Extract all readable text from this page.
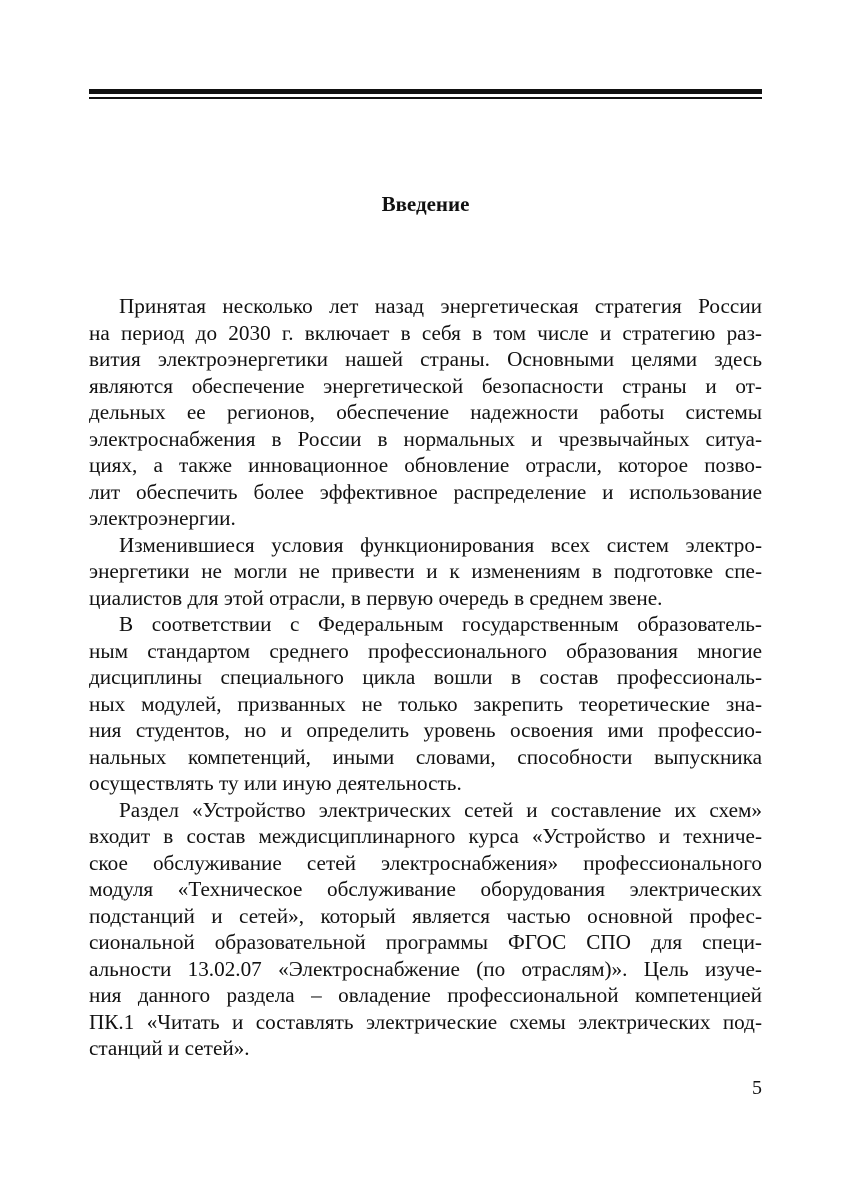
Введение

Принятая несколько лет назад энергетическая стратегия России
на период до 2030 г. включает в себя в том числе и стратегию раз-
вития электроэнергетики нашей страны. Основными целями здесь
являются обеспечение энергетической безопасности страны и от-
дельных ее регионов, обеспечение надежности работы системы
электроснабжения в России в нормальных и чрезвычайных ситуа-
циях, а также инновационное обновление отрасли, которое позво-
лит обеспечить более эффективное распределение и использование
электроэнергии.

Изменившиеся условия функционирования всех систем электро-
энергетики не могли не привести и к изменениям в подготовке спе-
циалистов для этой отрасли, в первую очередь в среднем звене.

В соответствии с Федеральным государственным образователь-
ным стандартом среднего профессионального образования многие
дисциплины специального цикла вошли в состав профессиональ-
ных модулей, призванных не только закрепить теоретические зна-
ния студентов, но и определить уровень освоения ими профессио-
нальных компетенций, иными словами, способности выпускника
осуществлять ту или иную деятельность.

Раздел «Устройство электрических сетей и составление их схем»
входит в состав междисциплинарного курса «Устройство и техниче-
ское обслуживание сетей электроснабжения» профессионального
модуля «Техническое обслуживание оборудования электрических
подстанций и сетей», который является частью основной профес-
сиональной образовательной программы ФГОС СПО для специ-
альности 13.02.07 «Электроснабжение (по отраслям)». Цель изуче-
ния данного раздела – овладение профессиональной компетенцией
ПК.1 «Читать и составлять электрические схемы электрических под-
станций и сетей».

5
